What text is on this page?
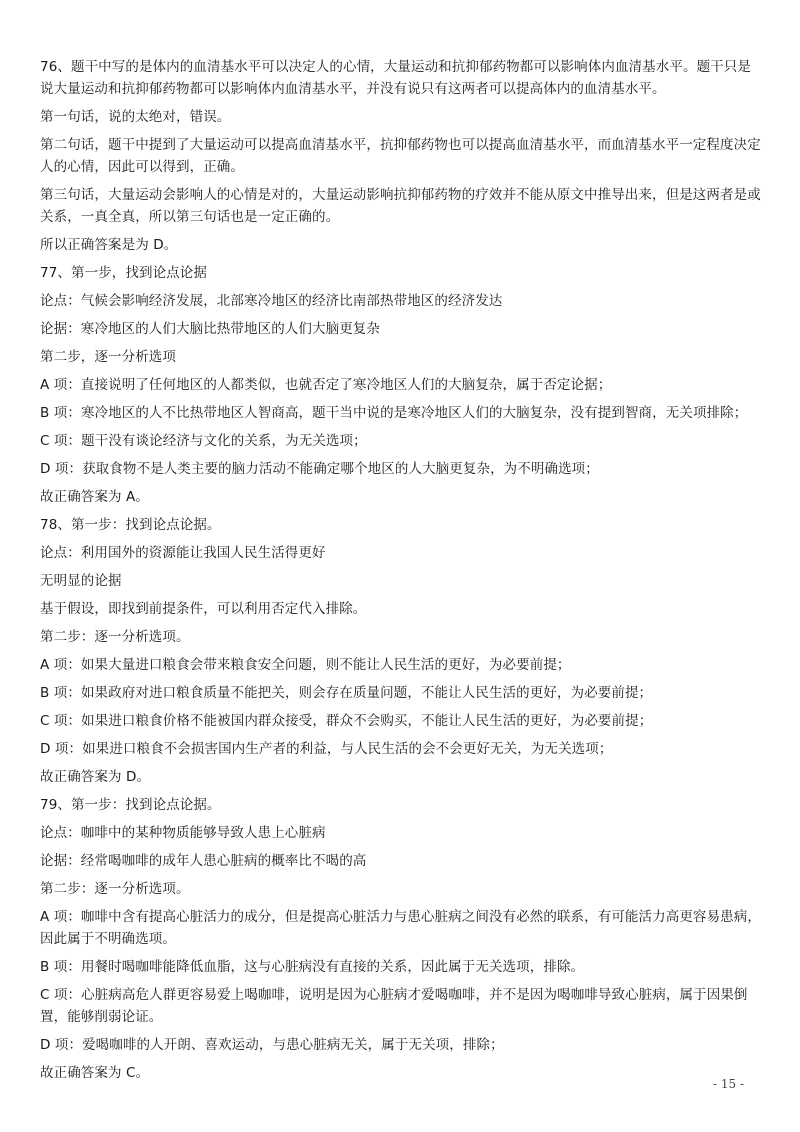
76、题干中写的是体内的血清基水平可以决定人的心情，大量运动和抗抑郁药物都可以影响体内血清基水平。题干只是说大量运动和抗抑郁药物都可以影响体内血清基水平，并没有说只有这两者可以提高体内的血清基水平。

第一句话，说的太绝对，错误。

第二句话，题干中提到了大量运动可以提高血清基水平，抗抑郁药物也可以提高血清基水平，而血清基水平一定程度决定人的心情，因此可以得到，正确。

第三句话，大量运动会影响人的心情是对的，大量运动影响抗抑郁药物的疗效并不能从原文中推导出来，但是这两者是或关系，一真全真，所以第三句话也是一定正确的。

所以正确答案是为 D。

77、第一步，找到论点论据

论点：气候会影响经济发展，北部寒冷地区的经济比南部热带地区的经济发达

论据：寒冷地区的人们大脑比热带地区的人们大脑更复杂

第二步，逐一分析选项

A 项：直接说明了任何地区的人都类似，也就否定了寒冷地区人们的大脑复杂，属于否定论据；

B 项：寒冷地区的人不比热带地区人智商高，题干当中说的是寒冷地区人们的大脑复杂，没有提到智商，无关项排除；

C 项：题干没有谈论经济与文化的关系，为无关选项；

D 项：获取食物不是人类主要的脑力活动不能确定哪个地区的人大脑更复杂，为不明确选项；

故正确答案为 A。

78、第一步：找到论点论据。

论点：利用国外的资源能让我国人民生活得更好

无明显的论据

基于假设，即找到前提条件，可以利用否定代入排除。

第二步：逐一分析选项。

A 项：如果大量进口粮食会带来粮食安全问题，则不能让人民生活的更好，为必要前提；

B 项：如果政府对进口粮食质量不能把关，则会存在质量问题，不能让人民生活的更好，为必要前提；

C 项：如果进口粮食价格不能被国内群众接受，群众不会购买，不能让人民生活的更好，为必要前提；

D 项：如果进口粮食不会损害国内生产者的利益，与人民生活的会不会更好无关，为无关选项；

故正确答案为 D。

79、第一步：找到论点论据。

论点：咖啡中的某种物质能够导致人患上心脏病

论据：经常喝咖啡的成年人患心脏病的概率比不喝的高

第二步：逐一分析选项。

A 项：咖啡中含有提高心脏活力的成分，但是提高心脏活力与患心脏病之间没有必然的联系，有可能活力高更容易患病，因此属于不明确选项。

B 项：用餐时喝咖啡能降低血脂，这与心脏病没有直接的关系，因此属于无关选项，排除。

C 项：心脏病高危人群更容易爱上喝咖啡，说明是因为心脏病才爱喝咖啡，并不是因为喝咖啡导致心脏病，属于因果倒置，能够削弱论证。

D 项：爱喝咖啡的人开朗、喜欢运动，与患心脏病无关，属于无关项，排除；

故正确答案为 C。

- 15 -
